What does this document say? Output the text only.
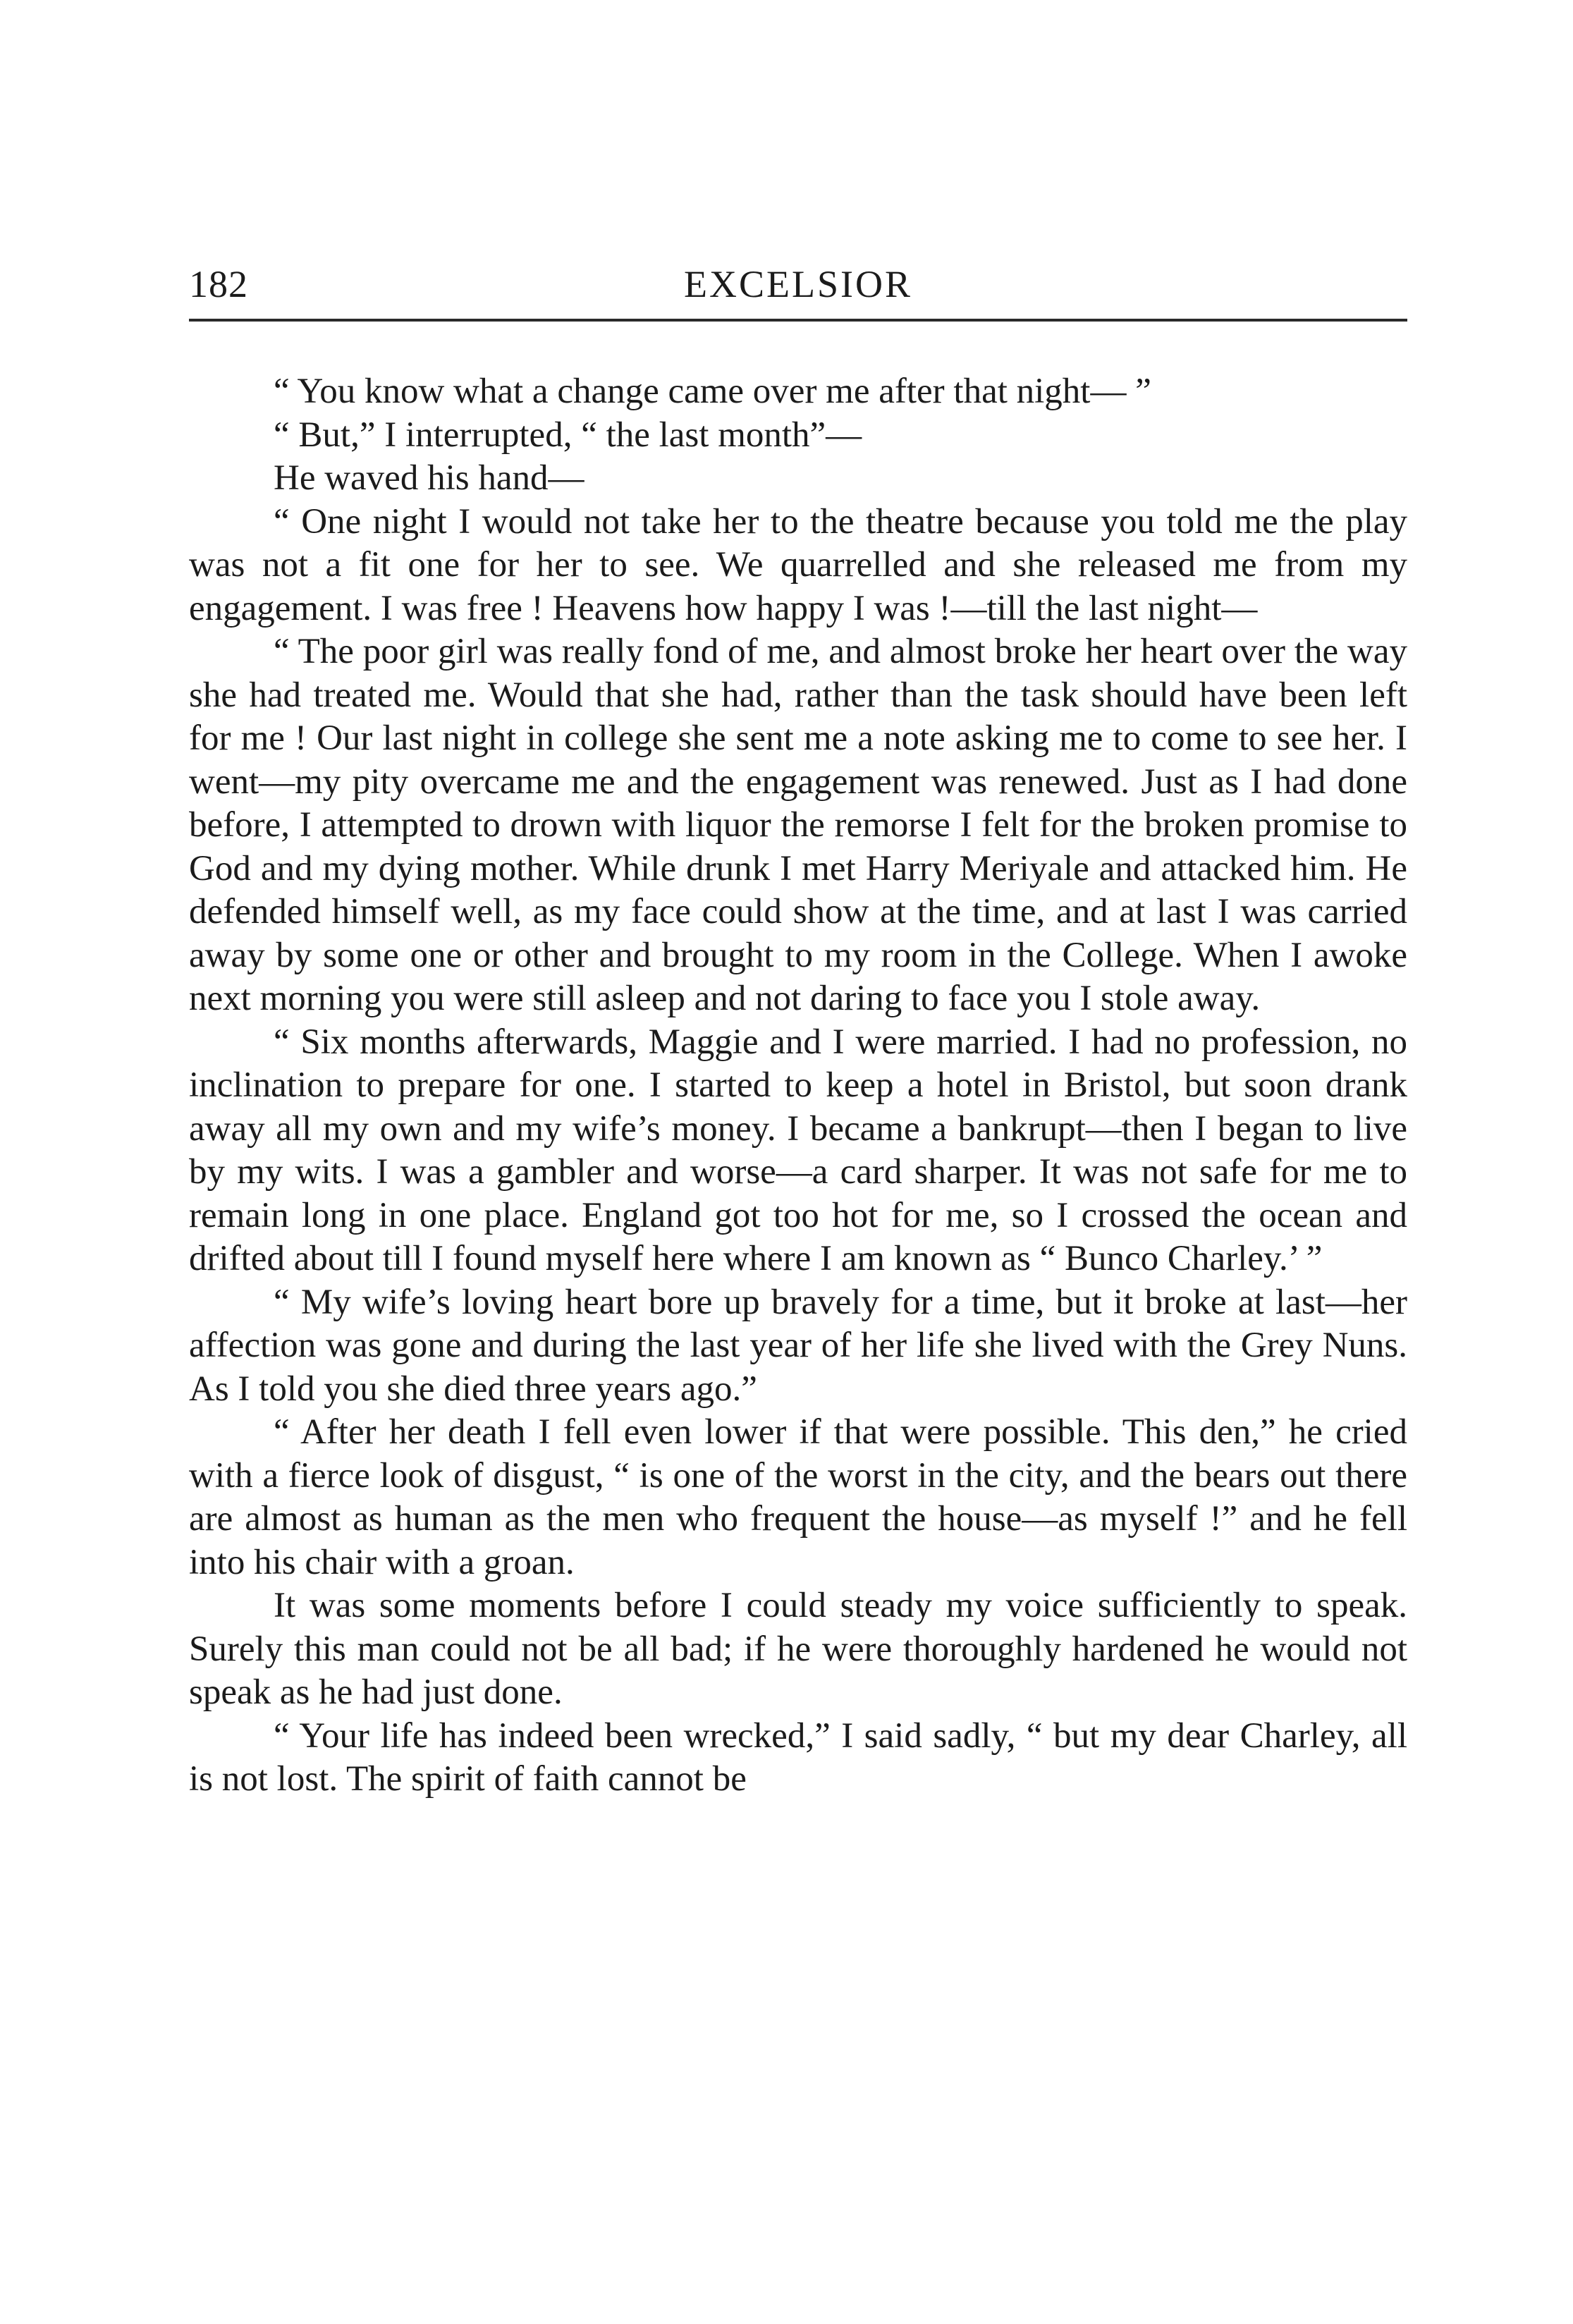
182	EXCELSIOR

“ You know what a change came over me after that night— ”

“ But,” I interrupted, “ the last month”—

He waved his hand—

“ One night I would not take her to the theatre because you told me the play was not a fit one for her to see. We quarrelled and she released me from my engagement. I was free ! Heavens how happy I was !—till the last night—

“ The poor girl was really fond of me, and almost broke her heart over the way she had treated me. Would that she had, rather than the task should have been left for me ! Our last night in college she sent me a note asking me to come to see her. I went—my pity overcame me and the engagement was renewed. Just as I had done before, I attempted to drown with liquor the remorse I felt for the broken promise to God and my dying mother. While drunk I met Harry Meriyale and attacked him. He defended himself well, as my face could show at the time, and at last I was carried away by some one or other and brought to my room in the College. When I awoke next morning you were still asleep and not daring to face you I stole away.

“ Six months afterwards, Maggie and I were married. I had no profession, no inclination to prepare for one. I started to keep a hotel in Bristol, but soon drank away all my own and my wife’s money. I became a bankrupt—then I began to live by my wits. I was a gambler and worse—a card sharper. It was not safe for me to remain long in one place. England got too hot for me, so I crossed the ocean and drifted about till I found myself here where I am known as “ Bunco Charley.’ ”

“ My wife’s loving heart bore up bravely for a time, but it broke at last—her affection was gone and during the last year of her life she lived with the Grey Nuns. As I told you she died three years ago.”

“ After her death I fell even lower if that were possible. This den,” he cried with a fierce look of disgust, “ is one of the worst in the city, and the bears out there are almost as human as the men who frequent the house—as myself !” and he fell into his chair with a groan.

It was some moments before I could steady my voice sufficiently to speak. Surely this man could not be all bad; if he were thoroughly hardened he would not speak as he had just done.

“ Your life has indeed been wrecked,” I said sadly, “ but my dear Charley, all is not lost. The spirit of faith cannot be
